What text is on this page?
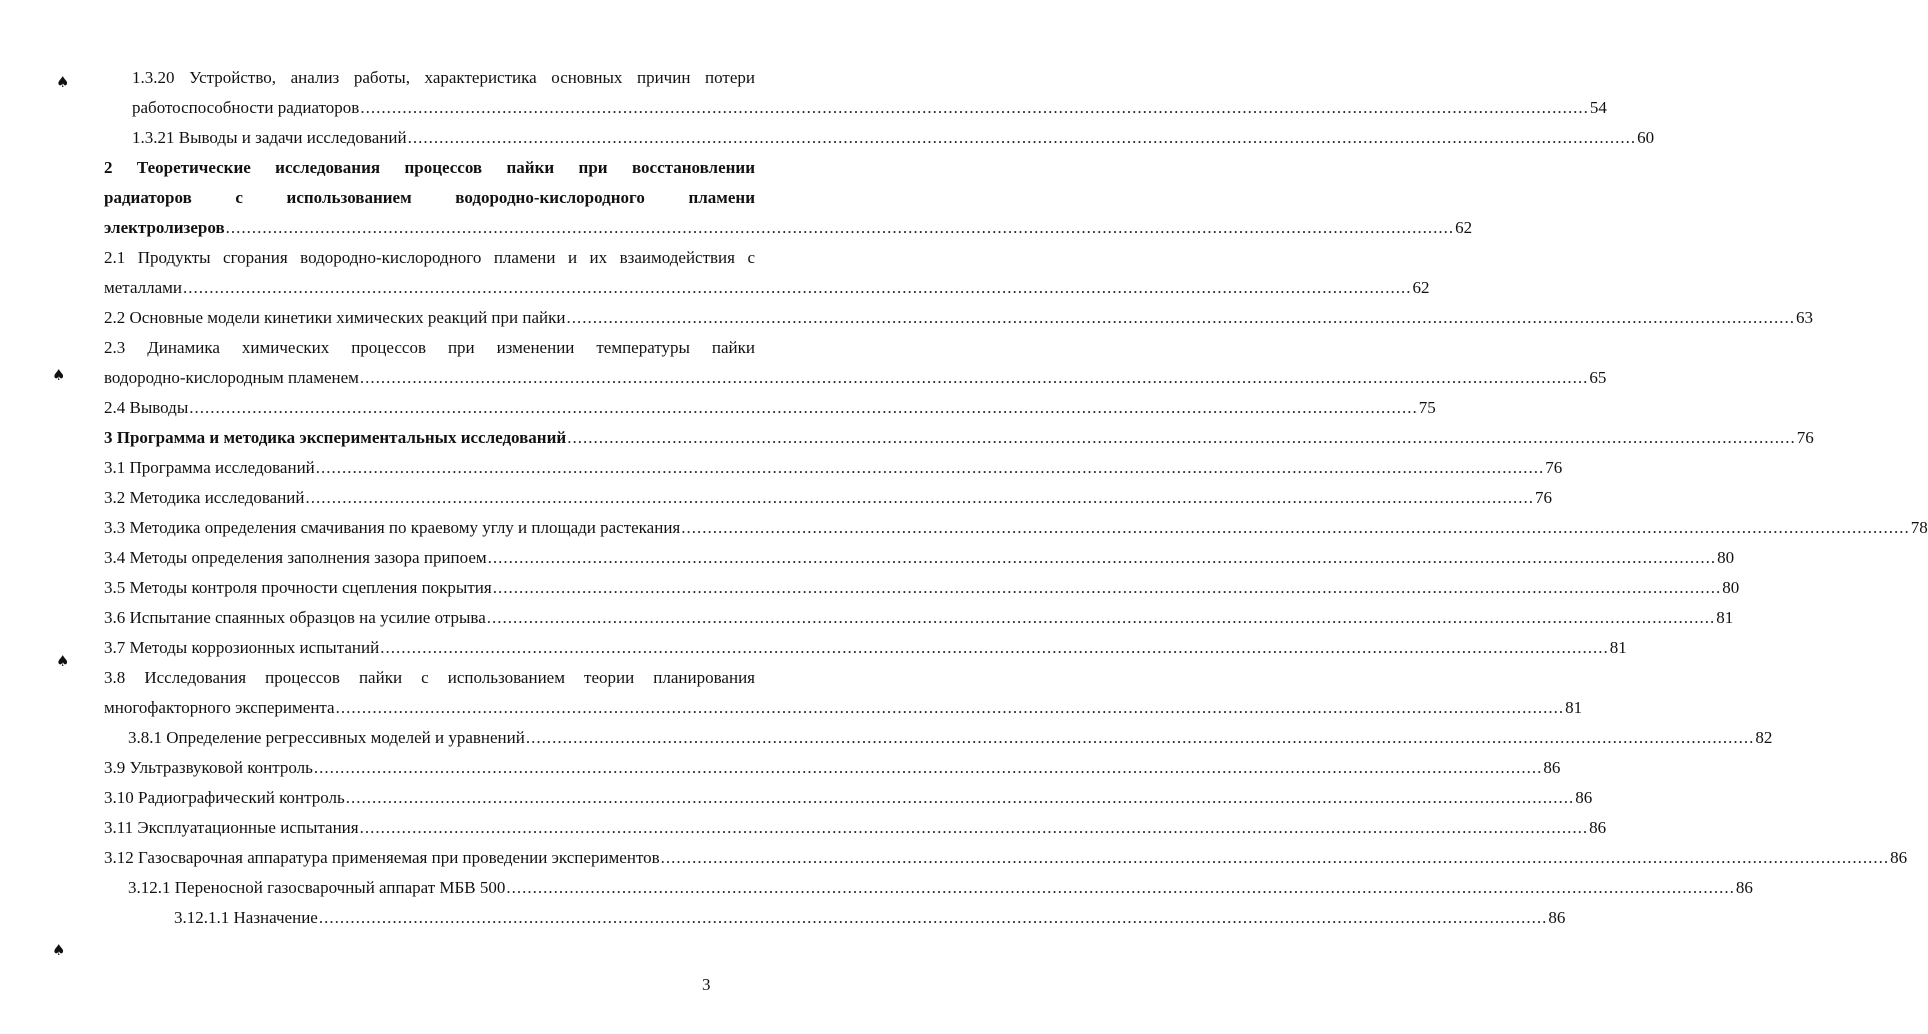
♠
♠
♠
♠
1.3.20 Устройство, анализ работы, характеристика основных причин потери
работоспособности радиаторов .......................................................................................................................................................................................................................................... 54
1.3.21 Выводы и задачи исследований .......................................................................................................................................................................................................................................... 60
2 Теоретические исследования процессов пайки при восстановлении
радиаторов с использованием водородно-кислородного пламени
электролизеров .......................................................................................................................................................................................................................................... 62
2.1 Продукты сгорания водородно-кислородного пламени и их взаимодействия с
металлами .......................................................................................................................................................................................................................................... 62
2.2 Основные модели кинетики химических реакций при пайки .......................................................................................................................................................................................................................................... 63
2.3 Динамика химических процессов при изменении температуры пайки
водородно-кислородным пламенем .......................................................................................................................................................................................................................................... 65
2.4 Выводы .......................................................................................................................................................................................................................................... 75
3 Программа и методика экспериментальных исследований .......................................................................................................................................................................................................................................... 76
3.1 Программа исследований .......................................................................................................................................................................................................................................... 76
3.2 Методика исследований .......................................................................................................................................................................................................................................... 76
3.3 Методика определения смачивания по краевому углу и площади растекания .......................................................................................................................................................................................................................................... 78
3.4 Методы определения заполнения зазора припоем .......................................................................................................................................................................................................................................... 80
3.5 Методы контроля прочности сцепления покрытия .......................................................................................................................................................................................................................................... 80
3.6 Испытание спаянных образцов на усилие отрыва .......................................................................................................................................................................................................................................... 81
3.7 Методы коррозионных испытаний .......................................................................................................................................................................................................................................... 81
3.8 Исследования процессов пайки с использованием теории планирования
многофакторного эксперимента .......................................................................................................................................................................................................................................... 81
3.8.1 Определение регрессивных моделей и уравнений .......................................................................................................................................................................................................................................... 82
3.9 Ультразвуковой контроль .......................................................................................................................................................................................................................................... 86
3.10 Радиографический контроль .......................................................................................................................................................................................................................................... 86
3.11 Эксплуатационные испытания .......................................................................................................................................................................................................................................... 86
3.12 Газосварочная аппаратура применяемая при проведении экспериментов .......................................................................................................................................................................................................................................... 86
3.12.1 Переносной газосварочный аппарат МБВ 500 .......................................................................................................................................................................................................................................... 86
3.12.1.1 Назначение .......................................................................................................................................................................................................................................... 86
3
